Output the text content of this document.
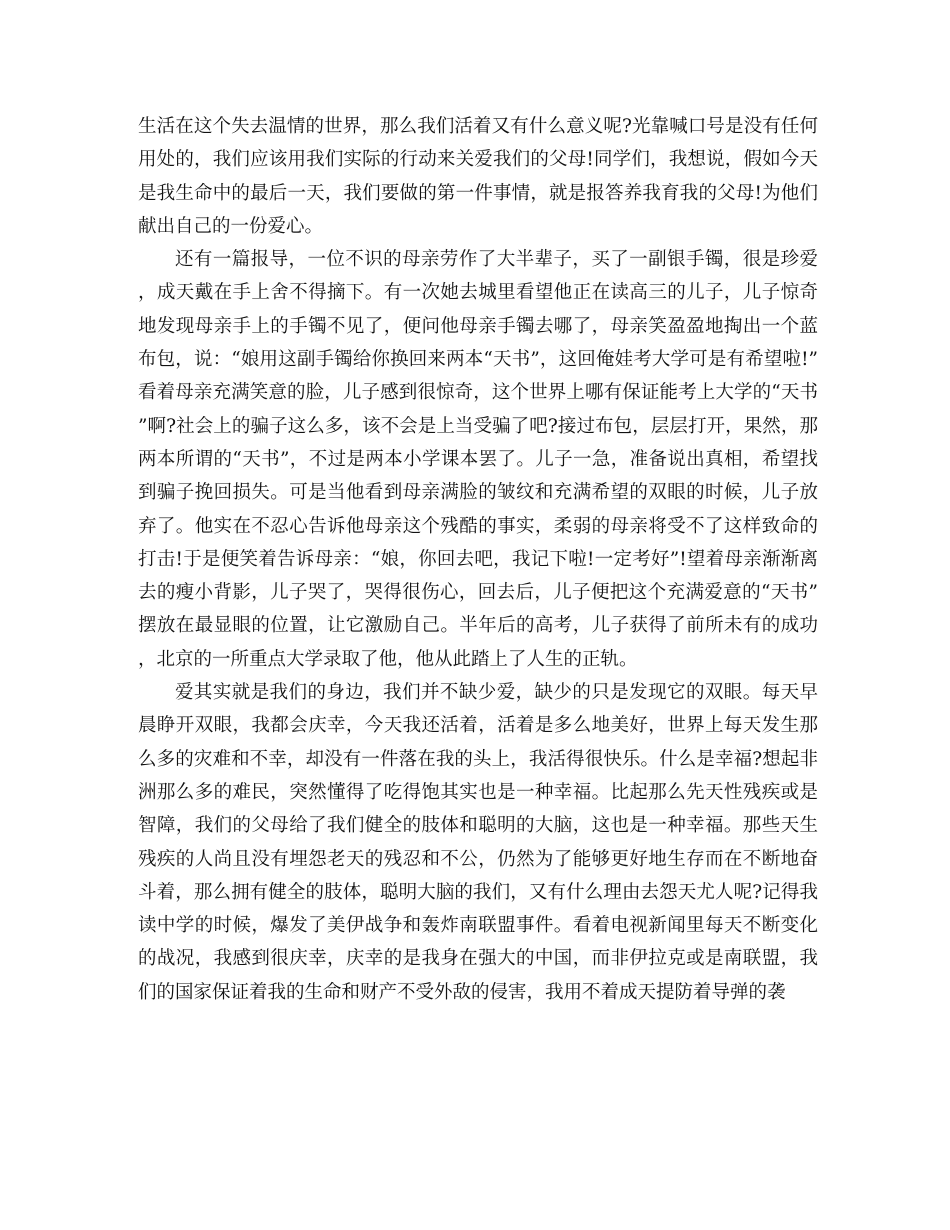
生活在这个失去温情的世界，那么我们活着又有什么意义呢?光靠喊口号是没有任何用处的，我们应该用我们实际的行动来关爱我们的父母!同学们，我想说，假如今天是我生命中的最后一天，我们要做的第一件事情，就是报答养我育我的父母!为他们献出自己的一份爱心。

还有一篇报导，一位不识的母亲劳作了大半辈子，买了一副银手镯，很是珍爱，成天戴在手上舍不得摘下。有一次她去城里看望他正在读高三的儿子，儿子惊奇地发现母亲手上的手镯不见了，便问他母亲手镯去哪了，母亲笑盈盈地掏出一个蓝布包，说：“娘用这副手镯给你换回来两本“天书”，这回俺娃考大学可是有希望啦!”看着母亲充满笑意的脸，儿子感到很惊奇，这个世界上哪有保证能考上大学的“天书”啊?社会上的骗子这么多，该不会是上当受骗了吧?接过布包，层层打开，果然，那两本所谓的“天书”，不过是两本小学课本罢了。儿子一急，准备说出真相，希望找到骗子挽回损失。可是当他看到母亲满脸的皱纹和充满希望的双眼的时候，儿子放弃了。他实在不忍心告诉他母亲这个残酷的事实，柔弱的母亲将受不了这样致命的打击!于是便笑着告诉母亲：“娘，你回去吧，我记下啦!一定考好”!望着母亲渐渐离去的瘦小背影，儿子哭了，哭得很伤心，回去后，儿子便把这个充满爱意的“天书”摆放在最显眼的位置，让它激励自己。半年后的高考，儿子获得了前所未有的成功，北京的一所重点大学录取了他，他从此踏上了人生的正轨。

爱其实就是我们的身边，我们并不缺少爱，缺少的只是发现它的双眼。每天早晨睁开双眼，我都会庆幸，今天我还活着，活着是多么地美好，世界上每天发生那么多的灾难和不幸，却没有一件落在我的头上，我活得很快乐。什么是幸福?想起非洲那么多的难民，突然懂得了吃得饱其实也是一种幸福。比起那么先天性残疾或是智障，我们的父母给了我们健全的肢体和聪明的大脑，这也是一种幸福。那些天生残疾的人尚且没有埋怨老天的残忍和不公，仍然为了能够更好地生存而在不断地奋斗着，那么拥有健全的肢体，聪明大脑的我们，又有什么理由去怨天尤人呢?记得我读中学的时候，爆发了美伊战争和轰炸南联盟事件。看着电视新闻里每天不断变化的战况，我感到很庆幸，庆幸的是我身在强大的中国，而非伊拉克或是南联盟，我们的国家保证着我的生命和财产不受外敌的侵害，我用不着成天提防着导弹的袭
